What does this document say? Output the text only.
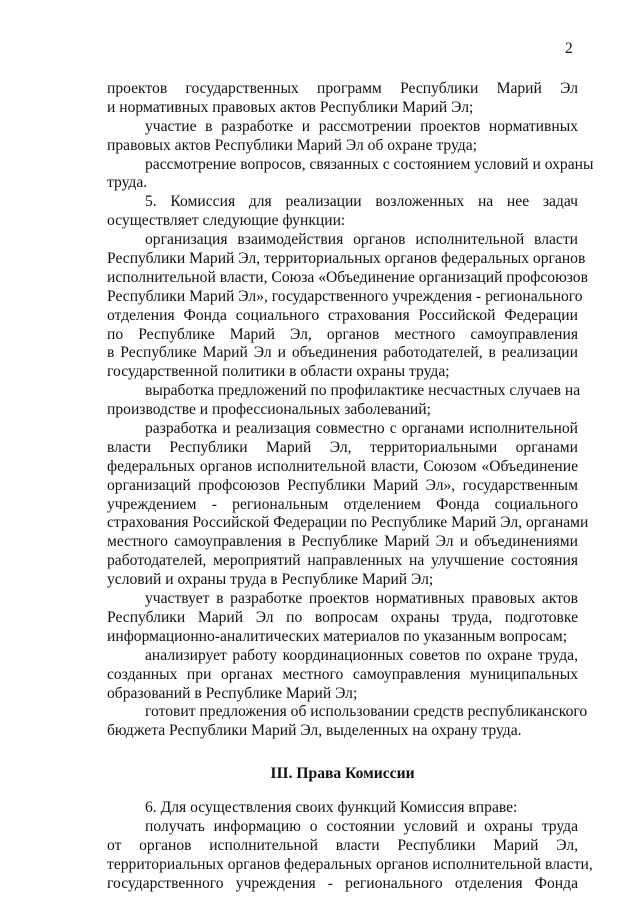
2
проектов государственных программ Республики Марий Эл
и нормативных правовых актов Республики Марий Эл;
участие в разработке и рассмотрении проектов нормативных
правовых актов Республики Марий Эл об охране труда;
рассмотрение вопросов, связанных с состоянием условий и охраны
труда.
5. Комиссия для реализации возложенных на нее задач
осуществляет следующие функции:
организация взаимодействия органов исполнительной власти
Республики Марий Эл, территориальных органов федеральных органов
исполнительной власти, Союза «Объединение организаций профсоюзов
Республики Марий Эл», государственного учреждения - регионального
отделения Фонда социального страхования Российской Федерации
по Республике Марий Эл, органов местного самоуправления
в Республике Марий Эл и объединения работодателей, в реализации
государственной политики в области охраны труда;
выработка предложений по профилактике несчастных случаев на
производстве и профессиональных заболеваний;
разработка и реализация совместно с органами исполнительной
власти Республики Марий Эл, территориальными органами
федеральных органов исполнительной власти, Союзом «Объединение
организаций профсоюзов Республики Марий Эл», государственным
учреждением - региональным отделением Фонда социального
страхования Российской Федерации по Республике Марий Эл, органами
местного самоуправления в Республике Марий Эл и объединениями
работодателей, мероприятий направленных на улучшение состояния
условий и охраны труда в Республике Марий Эл;
участвует в разработке проектов нормативных правовых актов
Республики Марий Эл по вопросам охраны труда, подготовке
информационно-аналитических материалов по указанным вопросам;
анализирует работу координационных советов по охране труда,
созданных при органах местного самоуправления муниципальных
образований в Республике Марий Эл;
готовит предложения об использовании средств республиканского
бюджета Республики Марий Эл, выделенных на охрану труда.
III. Права Комиссии
6. Для осуществления своих функций Комиссия вправе:
получать информацию о состоянии условий и охраны труда
от органов исполнительной власти Республики Марий Эл,
территориальных органов федеральных органов исполнительной власти,
государственного учреждения - регионального отделения Фонда
